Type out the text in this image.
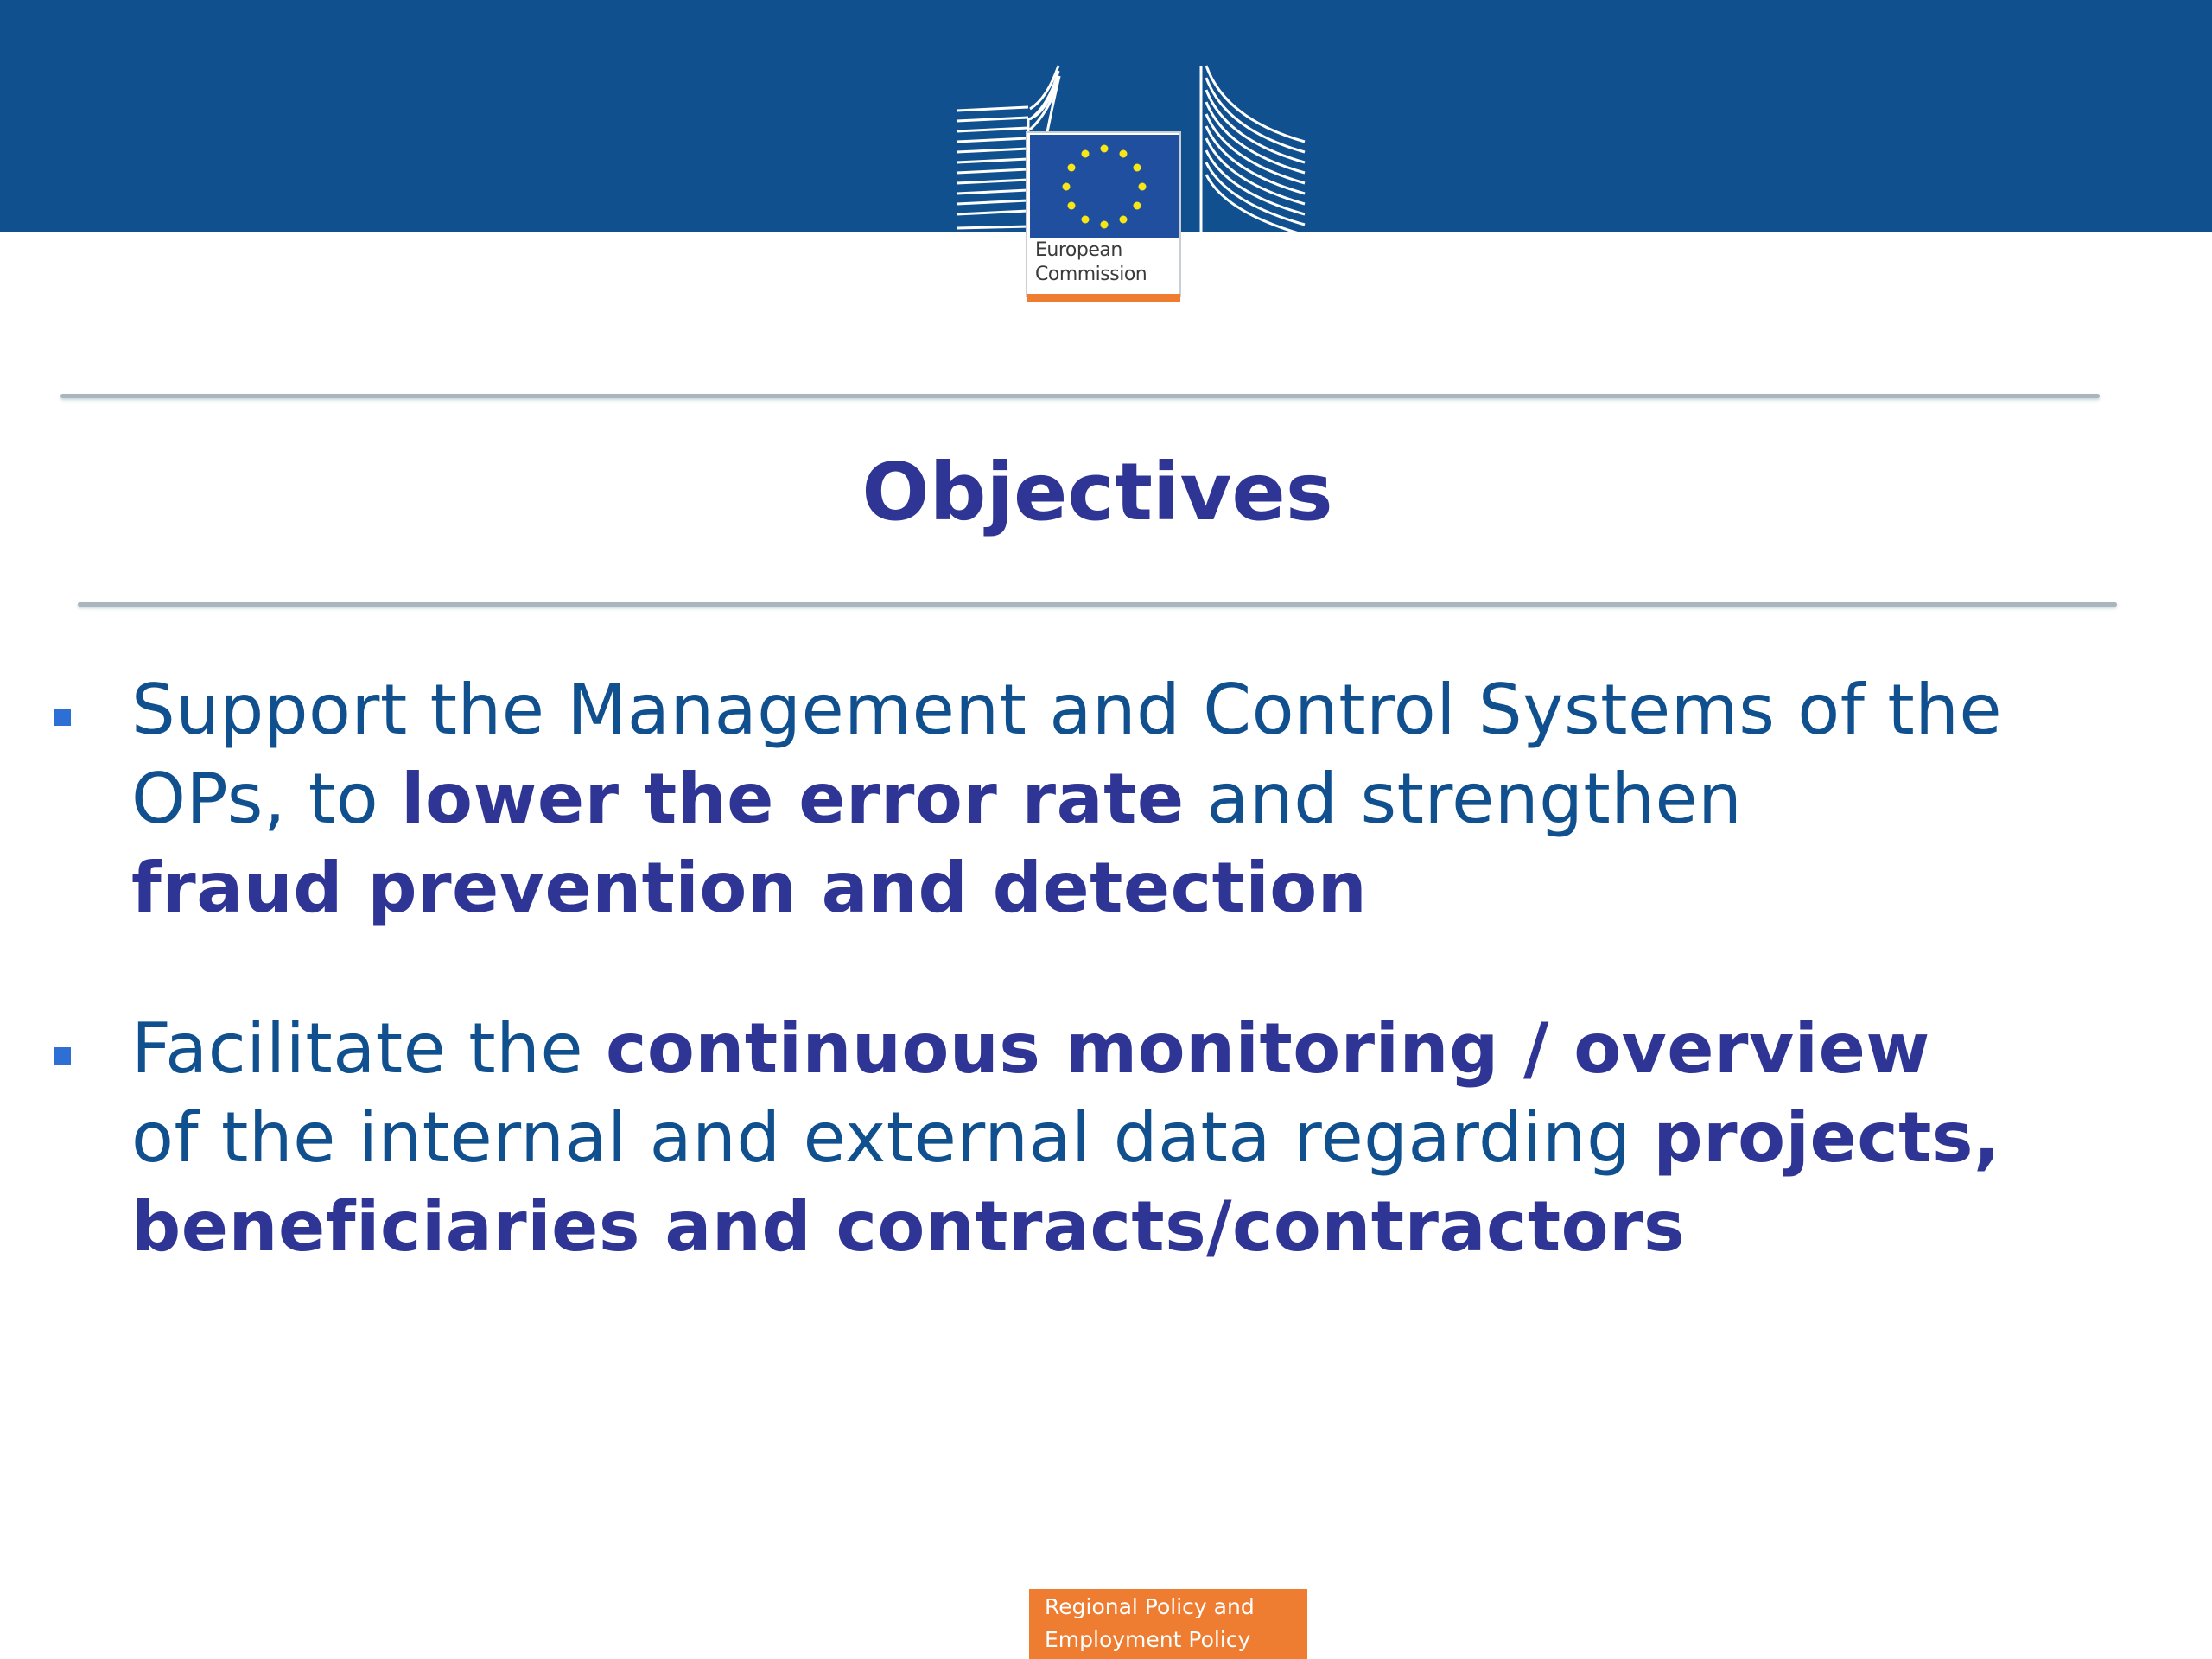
European
Commission
Objectives
Support the Management and Control Systems of the
OPs, to lower the error rate and strengthen
fraud prevention and detection
Facilitate the continuous monitoring / overview
of the internal and external data regarding projects,
beneficiaries and contracts/contractors
Regional Policy and
Employment Policy
